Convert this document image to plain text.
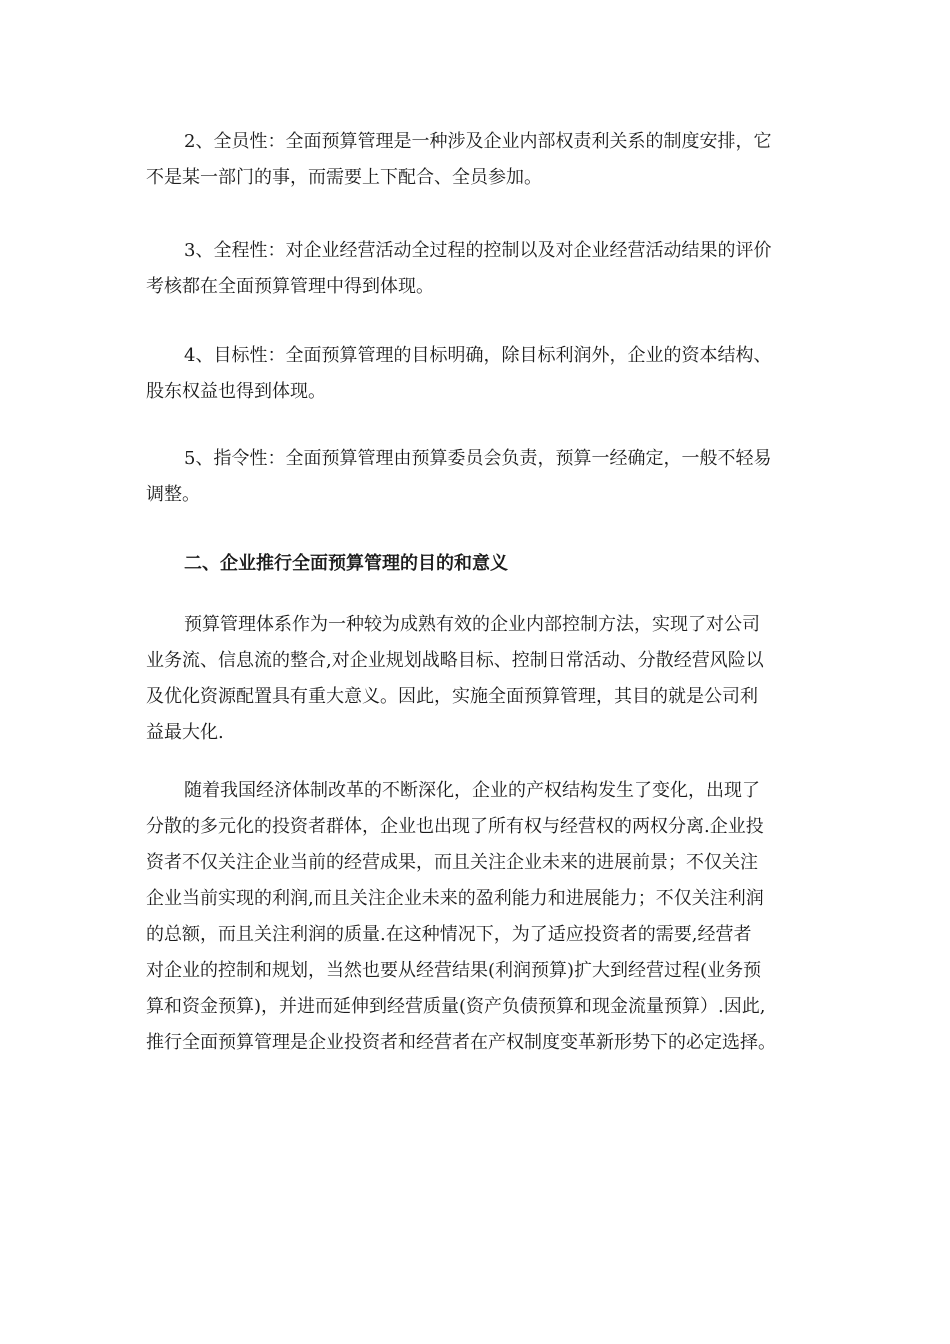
2、全员性：全面预算管理是一种涉及企业内部权责利关系的制度安排，它
不是某一部门的事，而需要上下配合、全员参加。
3、全程性：对企业经营活动全过程的控制以及对企业经营活动结果的评价
考核都在全面预算管理中得到体现。
4、目标性：全面预算管理的目标明确，除目标利润外，企业的资本结构、
股东权益也得到体现。
5、指令性：全面预算管理由预算委员会负责，预算一经确定，一般不轻易
调整。
二、企业推行全面预算管理的目的和意义
预算管理体系作为一种较为成熟有效的企业内部控制方法，实现了对公司
业务流、信息流的整合,对企业规划战略目标、控制日常活动、分散经营风险以
及优化资源配置具有重大意义。因此，实施全面预算管理，其目的就是公司利
益最大化.
随着我国经济体制改革的不断深化，企业的产权结构发生了变化，出现了
分散的多元化的投资者群体，企业也出现了所有权与经营权的两权分离.企业投
资者不仅关注企业当前的经营成果，而且关注企业未来的进展前景；不仅关注
企业当前实现的利润,而且关注企业未来的盈利能力和进展能力；不仅关注利润
的总额，而且关注利润的质量.在这种情况下，为了适应投资者的需要,经营者
对企业的控制和规划，当然也要从经营结果(利润预算)扩大到经营过程(业务预
算和资金预算)，并进而延伸到经营质量(资产负债预算和现金流量预算）.因此,
推行全面预算管理是企业投资者和经营者在产权制度变革新形势下的必定选择。
